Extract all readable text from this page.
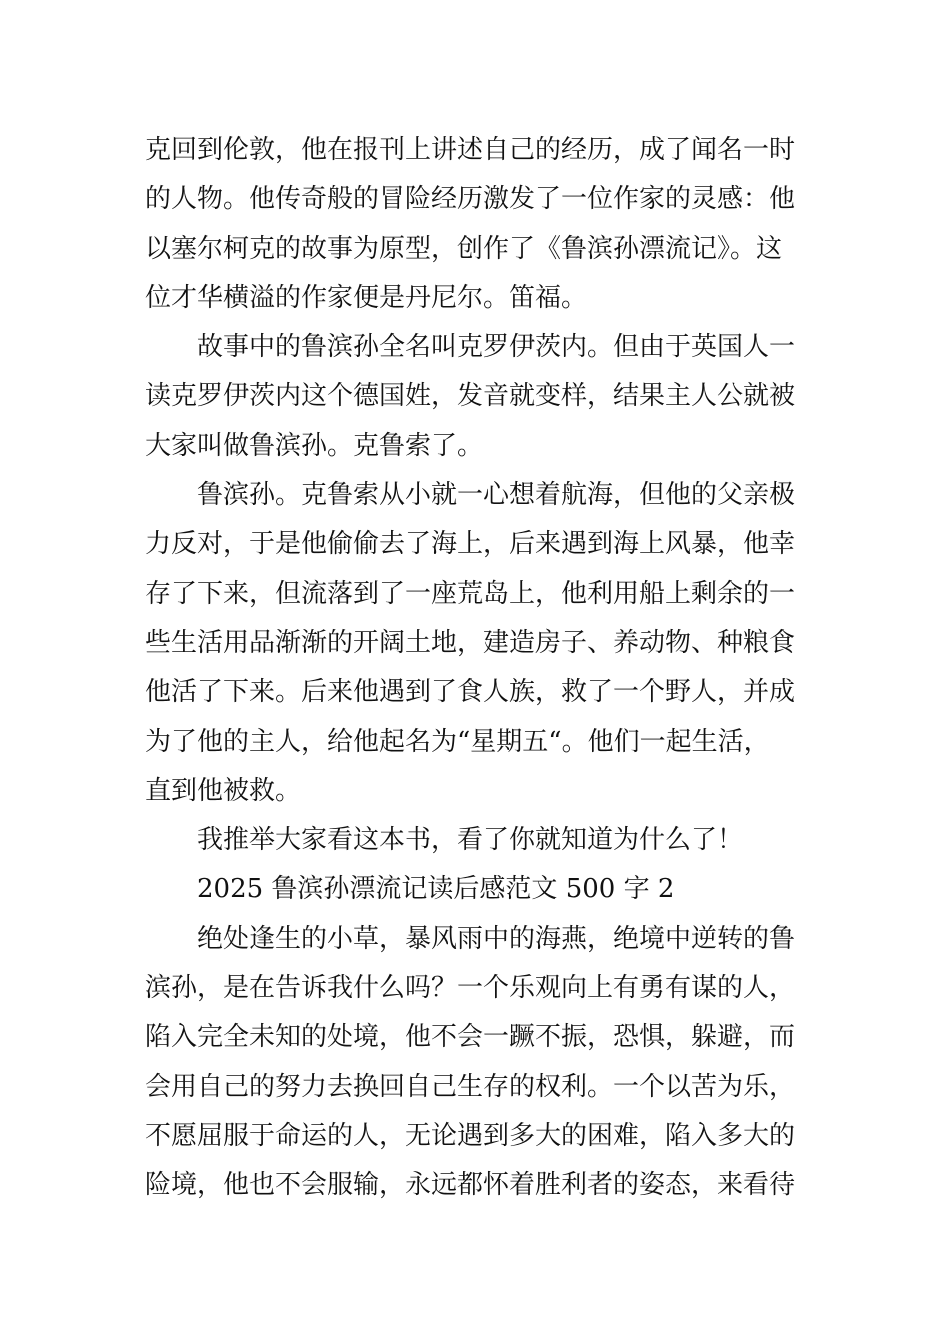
克回到伦敦，他在报刊上讲述自己的经历，成了闻名一时
的人物。他传奇般的冒险经历激发了一位作家的灵感：他
以塞尔柯克的故事为原型，创作了《鲁滨孙漂流记》。这
位才华横溢的作家便是丹尼尔。笛福。
故事中的鲁滨孙全名叫克罗伊茨内。但由于英国人一
读克罗伊茨内这个德国姓，发音就变样，结果主人公就被
大家叫做鲁滨孙。克鲁索了。
鲁滨孙。克鲁索从小就一心想着航海，但他的父亲极
力反对，于是他偷偷去了海上，后来遇到海上风暴，他幸
存了下来，但流落到了一座荒岛上，他利用船上剩余的一
些生活用品渐渐的开阔土地，建造房子、养动物、种粮食
他活了下来。后来他遇到了食人族，救了一个野人，并成
为了他的主人，给他起名为“星期五“。他们一起生活，
直到他被救。
我推举大家看这本书，看了你就知道为什么了！
2025 鲁滨孙漂流记读后感范文 500 字 2
绝处逢生的小草，暴风雨中的海燕，绝境中逆转的鲁
滨孙，是在告诉我什么吗？一个乐观向上有勇有谋的人，
陷入完全未知的处境，他不会一蹶不振，恐惧，躲避，而
会用自己的努力去换回自己生存的权利。一个以苦为乐，
不愿屈服于命运的人，无论遇到多大的困难，陷入多大的
险境，他也不会服输，永远都怀着胜利者的姿态，来看待
